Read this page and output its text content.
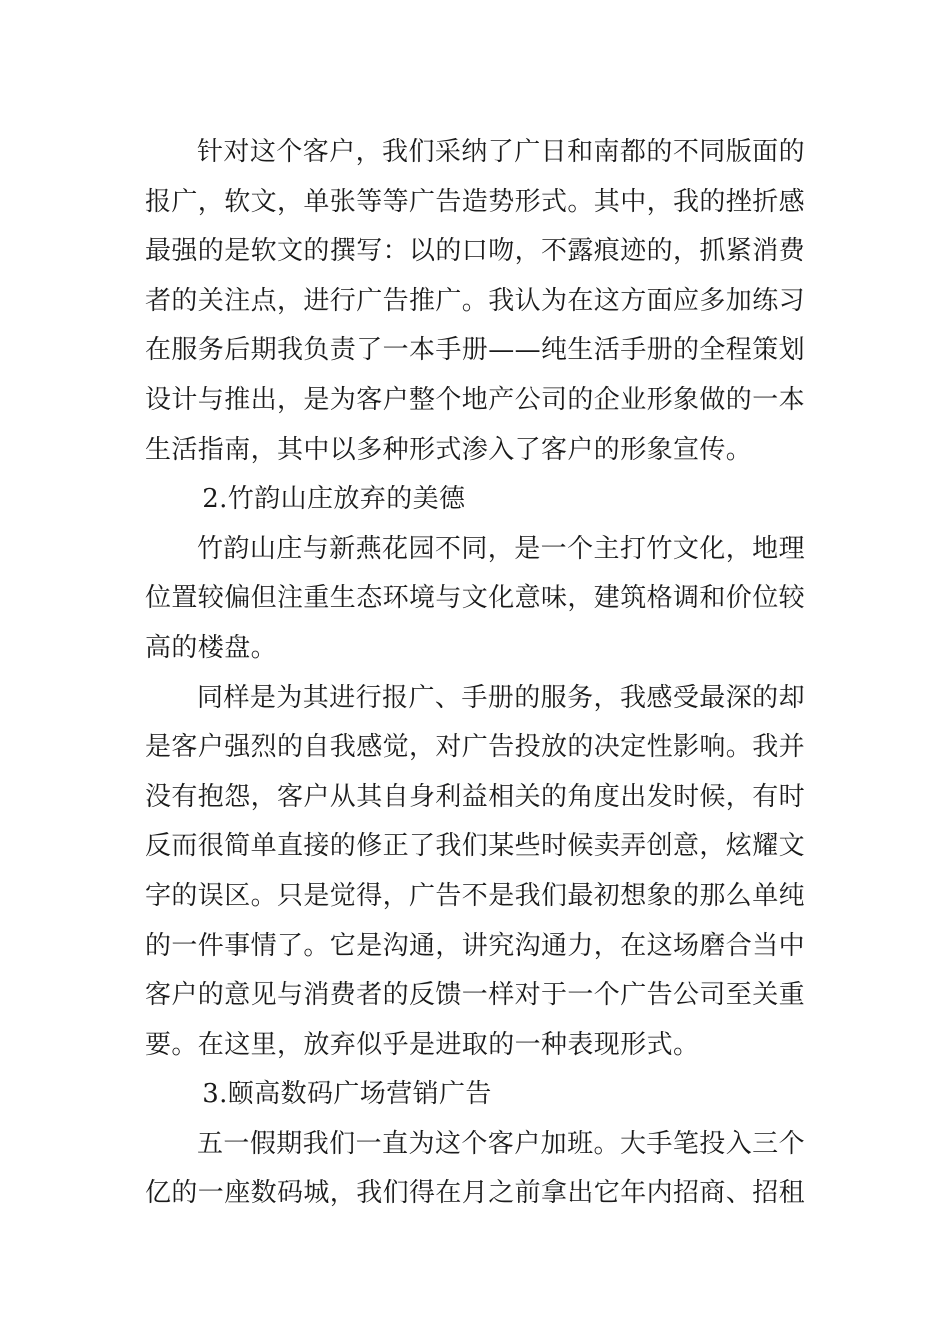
针对这个客户，我们采纳了广日和南都的不同版面的报广，软文，单张等等广告造势形式。其中，我的挫折感最强的是软文的撰写：以的口吻，不露痕迹的，抓紧消费者的关注点，进行广告推广。我认为在这方面应多加练习在服务后期我负责了一本手册——纯生活手册的全程策划设计与推出，是为客户整个地产公司的企业形象做的一本生活指南，其中以多种形式渗入了客户的形象宣传。

2.竹韵山庄放弃的美德

竹韵山庄与新燕花园不同，是一个主打竹文化，地理位置较偏但注重生态环境与文化意味，建筑格调和价位较高的楼盘。

同样是为其进行报广、手册的服务，我感受最深的却是客户强烈的自我感觉，对广告投放的决定性影响。我并没有抱怨，客户从其自身利益相关的角度出发时候，有时反而很简单直接的修正了我们某些时候卖弄创意，炫耀文字的误区。只是觉得，广告不是我们最初想象的那么单纯的一件事情了。它是沟通，讲究沟通力，在这场磨合当中客户的意见与消费者的反馈一样对于一个广告公司至关重要。在这里，放弃似乎是进取的一种表现形式。

3.颐高数码广场营销广告

五一假期我们一直为这个客户加班。大手笔投入三个亿的一座数码城，我们得在月之前拿出它年内招商、招租
